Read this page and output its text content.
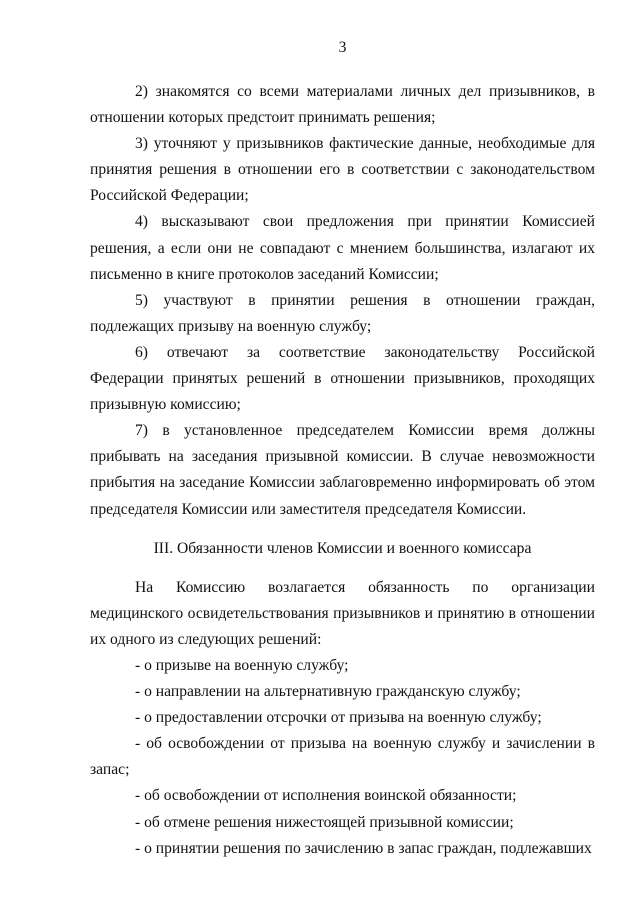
3

2) знакомятся со всеми материалами личных дел призывников, в отношении которых предстоит принимать решения;

3) уточняют у призывников фактические данные, необходимые для принятия решения в отношении его в соответствии с законодательством Российской Федерации;

4) высказывают свои предложения при принятии Комиссией решения, а если они не совпадают с мнением большинства, излагают их письменно в книге протоколов заседаний Комиссии;

5) участвуют в принятии решения в отношении граждан, подлежащих призыву на военную службу;

6) отвечают за соответствие законодательству Российской Федерации принятых решений в отношении призывников, проходящих призывную комиссию;

7) в установленное председателем Комиссии время должны прибывать на заседания призывной комиссии. В случае невозможности прибытия на заседание Комиссии заблаговременно информировать об этом председателя Комиссии или заместителя председателя Комиссии.

III. Обязанности членов Комиссии и военного комиссара

На Комиссию возлагается обязанность по организации медицинского освидетельствования призывников и принятию в отношении их одного из следующих решений:

- о призыве на военную службу;

- о направлении на альтернативную гражданскую службу;

- о предоставлении отсрочки от призыва на военную службу;

- об освобождении от призыва на военную службу и зачислении в запас;

- об освобождении от исполнения воинской обязанности;

- об отмене решения нижестоящей призывной комиссии;

- о принятии решения по зачислению в запас граждан, подлежавших
